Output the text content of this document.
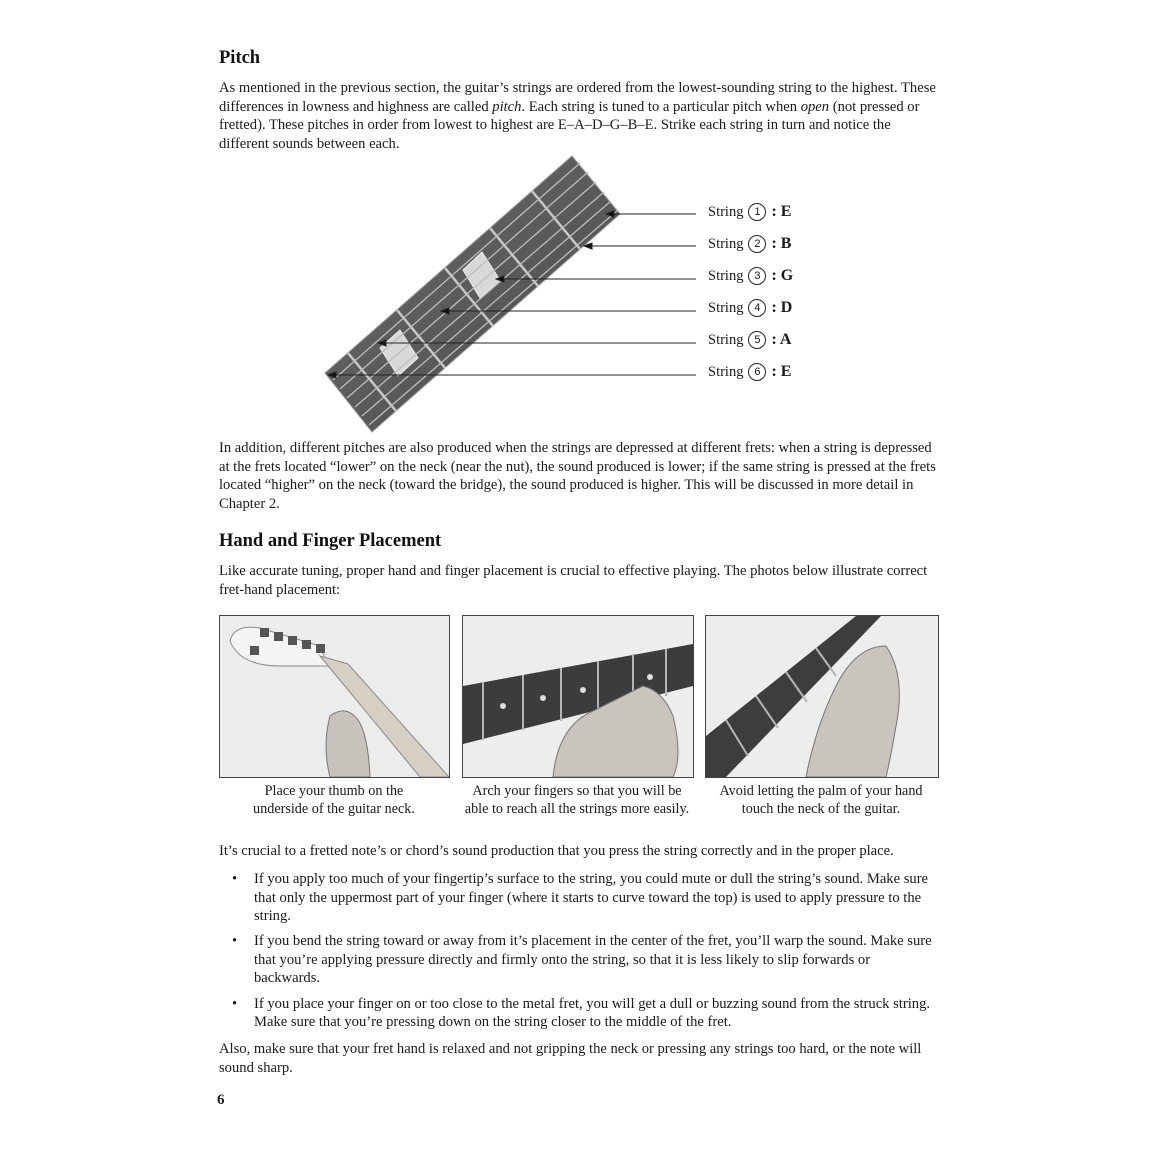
Pitch

As mentioned in the previous section, the guitar’s strings are ordered from the lowest-sounding string to the highest. These differences in lowness and highness are called pitch. Each string is tuned to a particular pitch when open (not pressed or fretted). These pitches in order from lowest to highest are E–A–D–G–B–E. Strike each string in turn and notice the different sounds between each.

String 1 : E
String 2 : B
String 3 : G
String 4 : D
String 5 : A
String 6 : E

In addition, different pitches are also produced when the strings are depressed at different frets: when a string is depressed at the frets located “lower” on the neck (near the nut), the sound produced is lower; if the same string is pressed at the frets located “higher” on the neck (toward the bridge), the sound produced is higher. This will be discussed in more detail in Chapter 2.

Hand and Finger Placement

Like accurate tuning, proper hand and finger placement is crucial to effective playing. The photos below illustrate correct fret-hand placement:

Place your thumb on the underside of the guitar neck.
Arch your fingers so that you will be able to reach all the strings more easily.
Avoid letting the palm of your hand touch the neck of the guitar.

It’s crucial to a fretted note’s or chord’s sound production that you press the string correctly and in the proper place.

• If you apply too much of your fingertip’s surface to the string, you could mute or dull the string’s sound. Make sure that only the uppermost part of your finger (where it starts to curve toward the top) is used to apply pressure to the string.
• If you bend the string toward or away from it’s placement in the center of the fret, you’ll warp the sound. Make sure that you’re applying pressure directly and firmly onto the string, so that it is less likely to slip forwards or backwards.
• If you place your finger on or too close to the metal fret, you will get a dull or buzzing sound from the struck string. Make sure that you’re pressing down on the string closer to the middle of the fret.

Also, make sure that your fret hand is relaxed and not gripping the neck or pressing any strings too hard, or the note will sound sharp.

6
